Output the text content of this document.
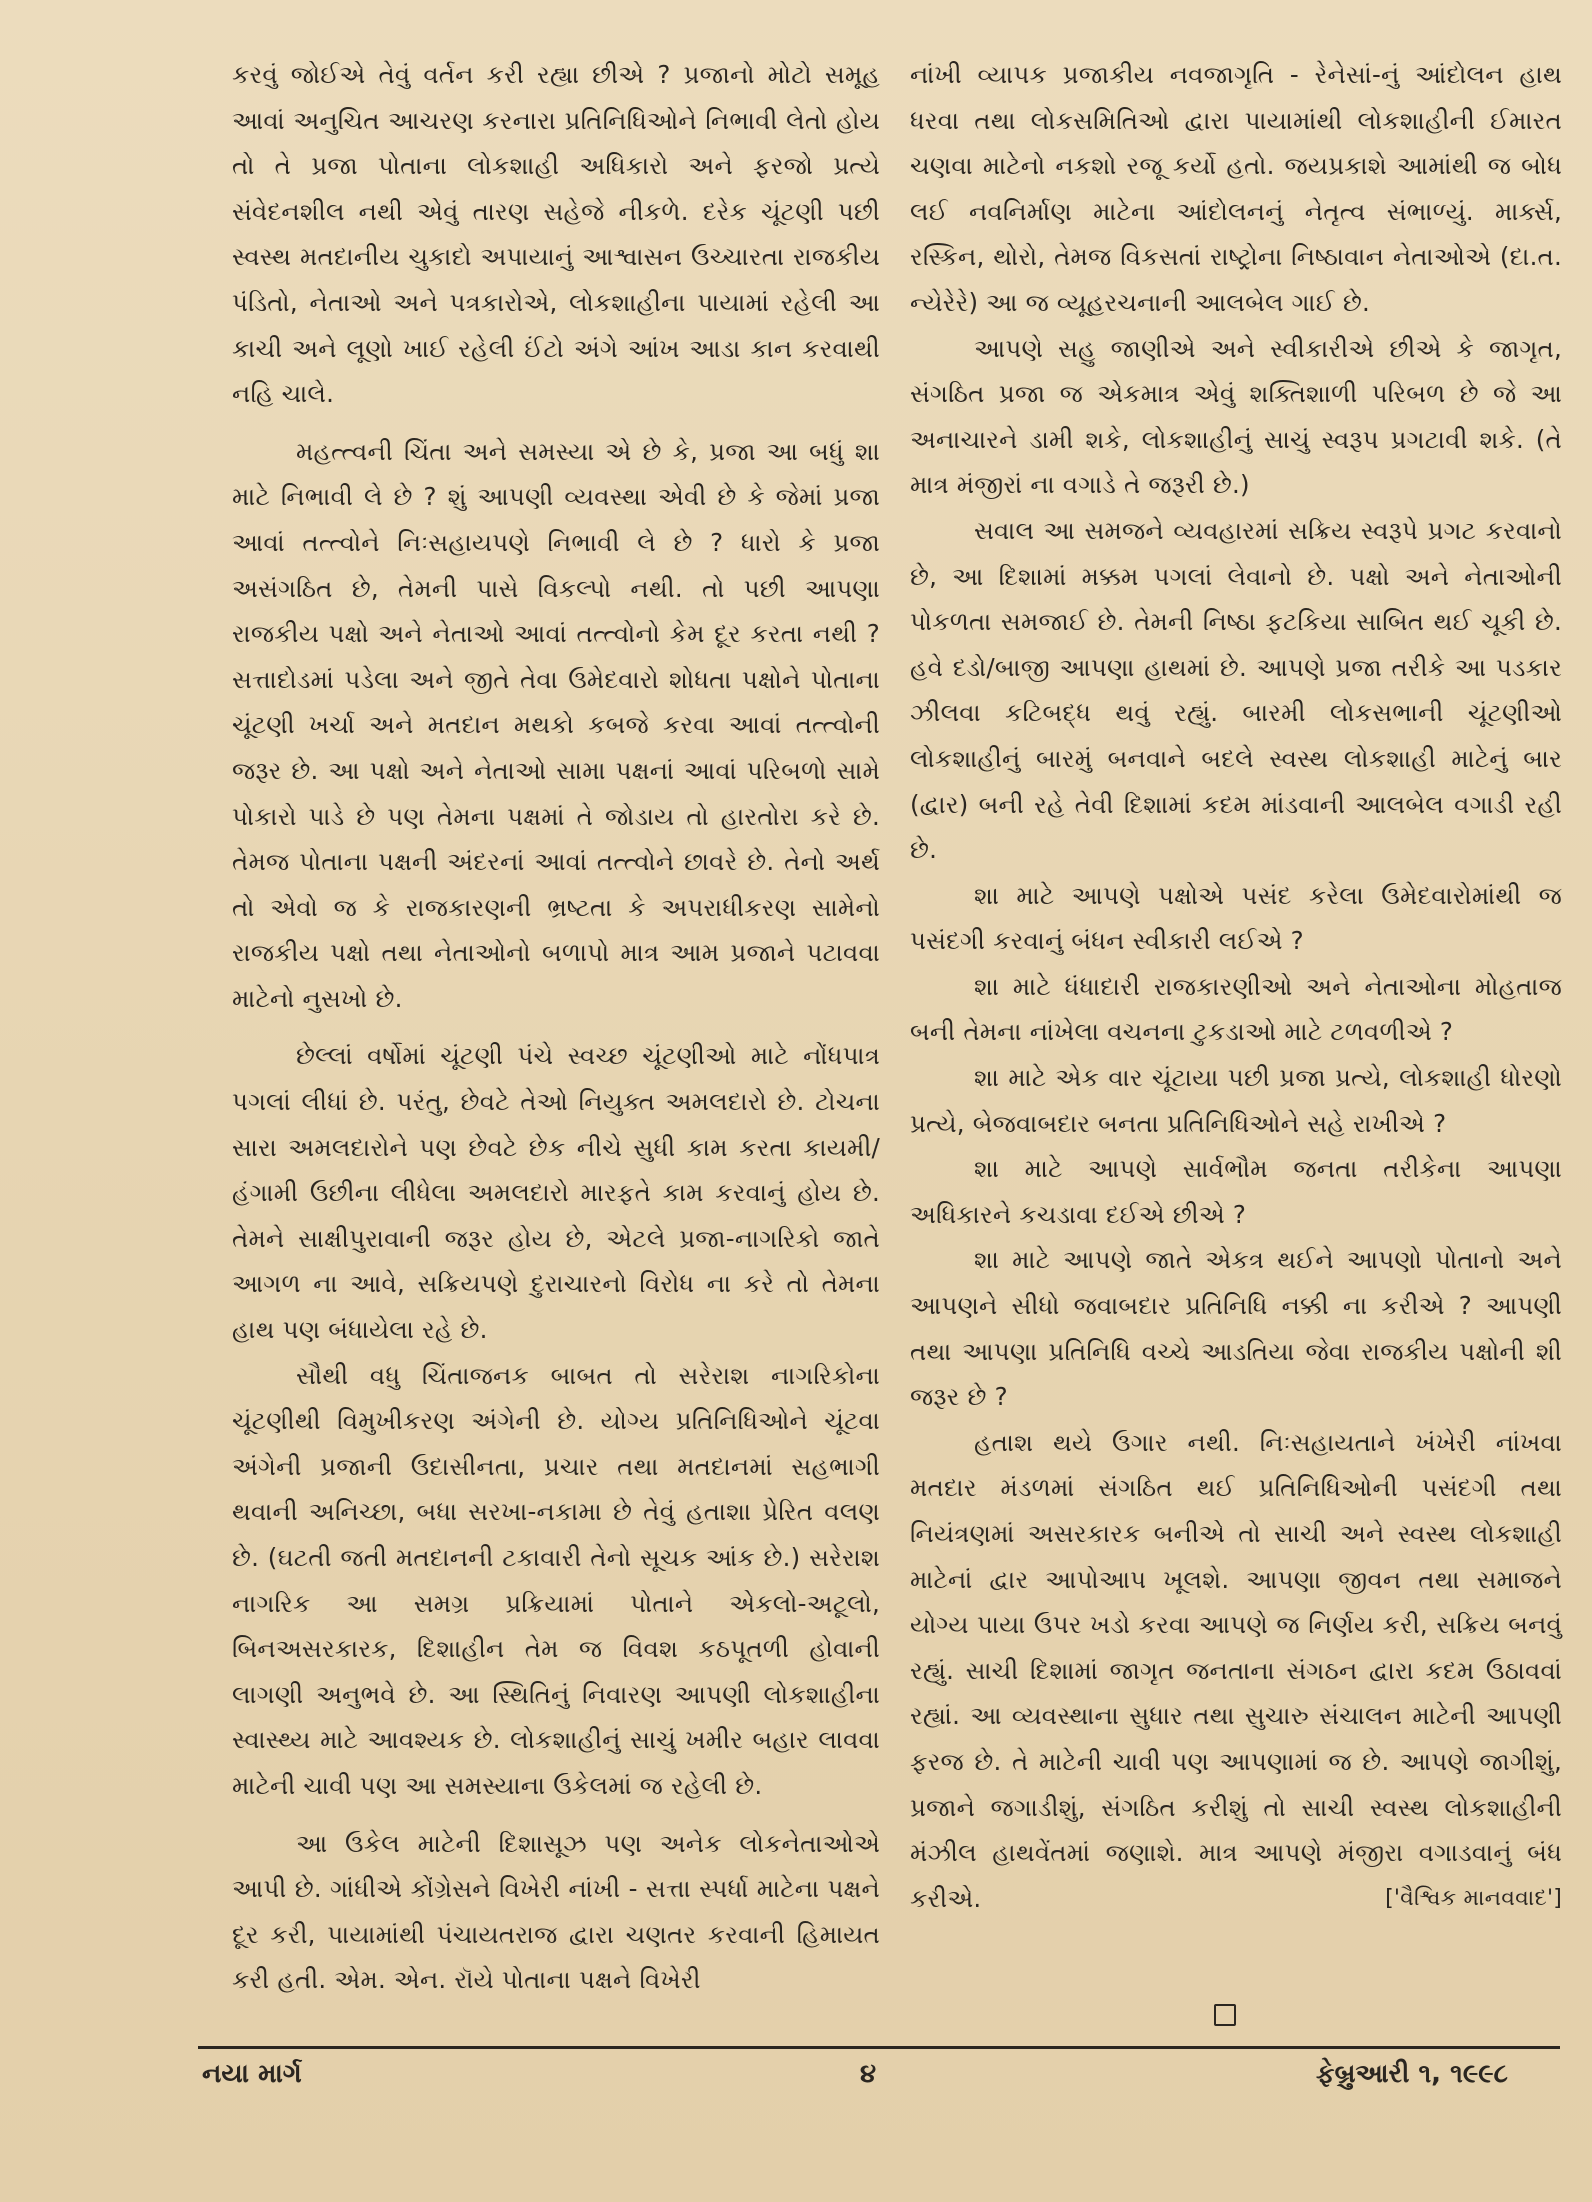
કરવું જોઈએ તેવું વર્તન કરી રહ્યા છીએ ? પ્રજાનો મોટો સમૂહ આવાં અનુચિત આચરણ કરનારા પ્રતિનિધિઓને નિભાવી લેતો હોય તો તે પ્રજા પોતાના લોકશાહી અધિકારો અને ફરજો પ્રત્યે સંવેદનશીલ નથી એવું તારણ સહેજે નીકળે. દરેક ચૂંટણી પછી સ્વસ્થ મતદાનીય ચુકાદો અપાયાનું આશ્વાસન ઉચ્ચારતા રાજકીય પંડિતો, નેતાઓ અને પત્રકારોએ, લોકશાહીના પાયામાં રહેલી આ કાચી અને લૂણો ખાઈ રહેલી ઈંટો અંગે આંખ આડા કાન કરવાથી નહિ ચાલે.

મહત્ત્વની ચિંતા અને સમસ્યા એ છે કે, પ્રજા આ બધું શા માટે નિભાવી લે છે ? શું આપણી વ્યવસ્થા એવી છે કે જેમાં પ્રજા આવાં તત્ત્વોને નિઃસહાયપણે નિભાવી લે છે ? ધારો કે પ્રજા અસંગઠિત છે, તેમની પાસે વિકલ્પો નથી. તો પછી આપણા રાજકીય પક્ષો અને નેતાઓ આવાં તત્ત્વોનો કેમ દૂર કરતા નથી ? સત્તાદોડમાં પડેલા અને જીતે તેવા ઉમેદવારો શોધતા પક્ષોને પોતાના ચૂંટણી ખર્ચા અને મતદાન મથકો કબજે કરવા આવાં તત્ત્વોની જરૂર છે. આ પક્ષો અને નેતાઓ સામા પક્ષનાં આવાં પરિબળો સામે પોકારો પાડે છે પણ તેમના પક્ષમાં તે જોડાય તો હારતોરા કરે છે. તેમજ પોતાના પક્ષની અંદરનાં આવાં તત્ત્વોને છાવરે છે. તેનો અર્થ તો એવો જ કે રાજકારણની ભ્રષ્ટતા કે અપરાધીકરણ સામેનો રાજકીય પક્ષો તથા નેતાઓનો બળાપો માત્ર આમ પ્રજાને પટાવવા માટેનો નુસખો છે.

છેલ્લાં વર્ષોમાં ચૂંટણી પંચે સ્વચ્છ ચૂંટણીઓ માટે નોંધપાત્ર પગલાં લીધાં છે. પરંતુ, છેવટે તેઓ નિયુક્ત અમલદારો છે. ટોચના સારા અમલદારોને પણ છેવટે છેક નીચે સુધી કામ કરતા કાયમી/હંગામી ઉછીના લીધેલા અમલદારો મારફતે કામ કરવાનું હોય છે. તેમને સાક્ષીપુરાવાની જરૂર હોય છે, એટલે પ્રજા-નાગરિકો જાતે આગળ ના આવે, સક્રિયપણે દુરાચારનો વિરોધ ના કરે તો તેમના હાથ પણ બંધાયેલા રહે છે.

સૌથી વધુ ચિંતાજનક બાબત તો સરેરાશ નાગરિકોના ચૂંટણીથી વિમુખીકરણ અંગેની છે. યોગ્ય પ્રતિનિધિઓને ચૂંટવા અંગેની પ્રજાની ઉદાસીનતા, પ્રચાર તથા મતદાનમાં સહભાગી થવાની અનિચ્છા, બધા સરખા-નકામા છે તેવું હતાશા પ્રેરિત વલણ છે. (ઘટતી જતી મતદાનની ટકાવારી તેનો સૂચક આંક છે.) સરેરાશ નાગરિક આ સમગ્ર પ્રક્રિયામાં પોતાને એકલો-અટૂલો, બિનઅસરકારક, દિશાહીન તેમ જ વિવશ કઠપૂતળી હોવાની લાગણી અનુભવે છે. આ સ્થિતિનું નિવારણ આપણી લોકશાહીના સ્વાસ્થ્ય માટે આવશ્યક છે. લોકશાહીનું સાચું ખમીર બહાર લાવવા માટેની ચાવી પણ આ સમસ્યાના ઉકેલમાં જ રહેલી છે.

આ ઉકેલ માટેની દિશાસૂઝ પણ અનેક લોકનેતાઓએ આપી છે. ગાંધીએ કોંગ્રેસને વિખેરી નાંખી - સત્તા સ્પર્ધા માટેના પક્ષને દૂર કરી, પાયામાંથી પંચાયતરાજ દ્વારા ચણતર કરવાની હિમાયત કરી હતી. એમ. એન. રૉયે પોતાના પક્ષને વિખેરી

નાંખી વ્યાપક પ્રજાકીય નવજાગૃતિ - રેનેસાં-નું આંદોલન હાથ ધરવા તથા લોકસમિતિઓ દ્વારા પાયામાંથી લોકશાહીની ઈમારત ચણવા માટેનો નકશો રજૂ કર્યો હતો. જયપ્રકાશે આમાંથી જ બોધ લઈ નવનિર્માણ માટેના આંદોલનનું નેતૃત્વ સંભાળ્યું. માર્ક્સ, રસ્કિન, થોરો, તેમજ વિકસતાં રાષ્ટ્રોના નિષ્ઠાવાન નેતાઓએ (દા.ત. ન્યેરેરે) આ જ વ્યૂહરચનાની આલબેલ ગાઈ છે.

આપણે સહુ જાણીએ અને સ્વીકારીએ છીએ કે જાગૃત, સંગઠિત પ્રજા જ એકમાત્ર એવું શક્તિશાળી પરિબળ છે જે આ અનાચારને ડામી શકે, લોકશાહીનું સાચું સ્વરૂપ પ્રગટાવી શકે. (તે માત્ર મંજીરાં ના વગાડે તે જરૂરી છે.)

સવાલ આ સમજને વ્યવહારમાં સક્રિય સ્વરૂપે પ્રગટ કરવાનો છે, આ દિશામાં મક્કમ પગલાં લેવાનો છે. પક્ષો અને નેતાઓની પોકળતા સમજાઈ છે. તેમની નિષ્ઠા ફટકિયા સાબિત થઈ ચૂકી છે. હવે દડો/બાજી આપણા હાથમાં છે. આપણે પ્રજા તરીકે આ પડકાર ઝીલવા કટિબદ્ધ થવું રહ્યું. બારમી લોકસભાની ચૂંટણીઓ લોકશાહીનું બારમું બનવાને બદલે સ્વસ્થ લોકશાહી માટેનું બાર (દ્વાર) બની રહે તેવી દિશામાં કદમ માંડવાની આલબેલ વગાડી રહી છે.

શા માટે આપણે પક્ષોએ પસંદ કરેલા ઉમેદવારોમાંથી જ પસંદગી કરવાનું બંધન સ્વીકારી લઈએ ?

શા માટે ધંધાદારી રાજકારણીઓ અને નેતાઓના મોહતાજ બની તેમના નાંખેલા વચનના ટુકડાઓ માટે ટળવળીએ ?

શા માટે એક વાર ચૂંટાયા પછી પ્રજા પ્રત્યે, લોકશાહી ધોરણો પ્રત્યે, બેજવાબદાર બનતા પ્રતિનિધિઓને સહે રાખીએ ?

શા માટે આપણે સાર્વભૌમ જનતા તરીકેના આપણા અધિકારને કચડાવા દઈએ છીએ ?

શા માટે આપણે જાતે એકત્ર થઈને આપણો પોતાનો અને આપણને સીધો જવાબદાર પ્રતિનિધિ નક્કી ના કરીએ ? આપણી તથા આપણા પ્રતિનિધિ વચ્ચે આડતિયા જેવા રાજકીય પક્ષોની શી જરૂર છે ?

હતાશ થયે ઉગાર નથી. નિઃસહાયતાને ખંખેરી નાંખવા મતદાર મંડળમાં સંગઠિત થઈ પ્રતિનિધિઓની પસંદગી તથા નિયંત્રણમાં અસરકારક બનીએ તો સાચી અને સ્વસ્થ લોકશાહી માટેનાં દ્વાર આપોઆપ ખૂલશે. આપણા જીવન તથા સમાજને યોગ્ય પાયા ઉપર ખડો કરવા આપણે જ નિર્ણય કરી, સક્રિય બનવું રહ્યું. સાચી દિશામાં જાગૃત જનતાના સંગઠન દ્વારા કદમ ઉઠાવવાં રહ્યાં. આ વ્યવસ્થાના સુધાર તથા સુચારુ સંચાલન માટેની આપણી ફરજ છે. તે માટેની ચાવી પણ આપણામાં જ છે. આપણે જાગીશું, પ્રજાને જગાડીશું, સંગઠિત કરીશું તો સાચી સ્વસ્થ લોકશાહીની મંઝીલ હાથવેંતમાં જણાશે. માત્ર આપણે મંજીરા વગાડવાનું બંધ કરીએ.	['વૈશ્વિક માનવવાદ']

નયા માર્ગ	૪	ફેબ્રુઆરી ૧, ૧૯૯૮
